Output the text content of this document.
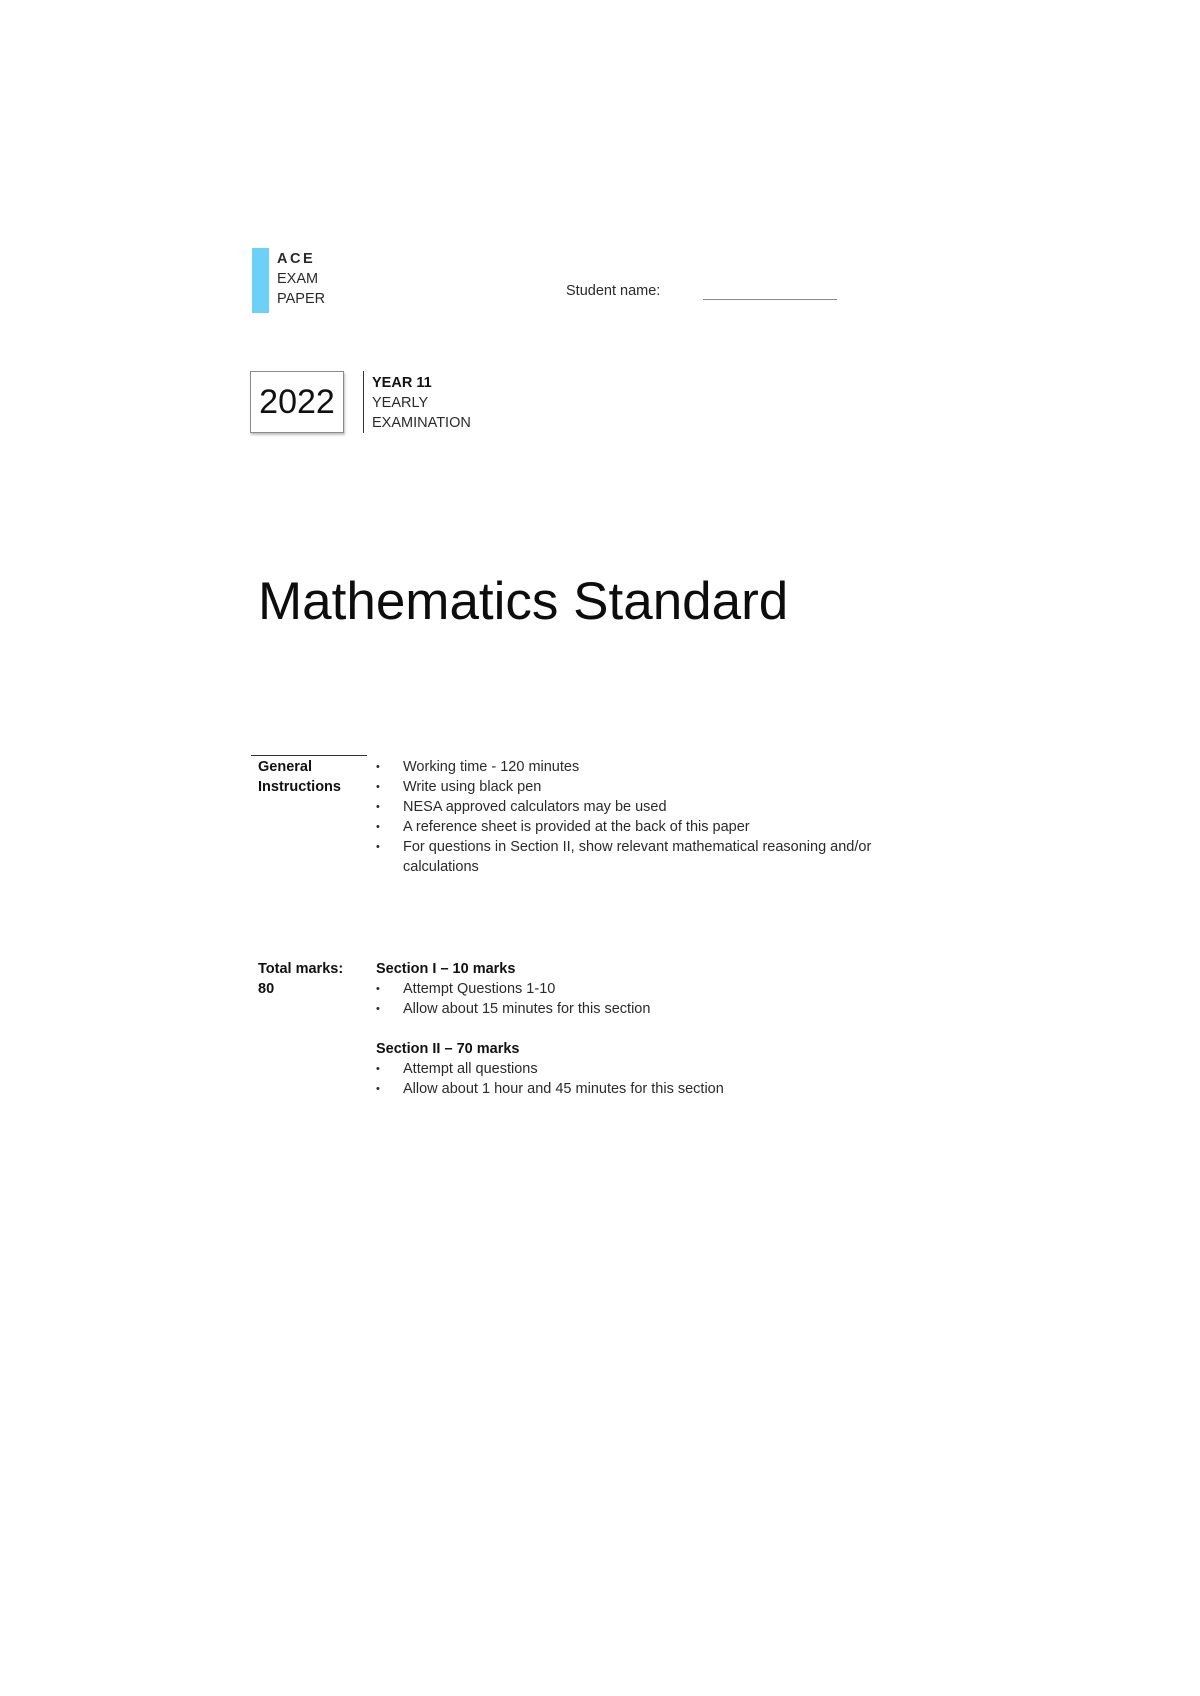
ACE
EXAM
PAPER	Student name:
2022	YEAR 11
YEARLY
EXAMINATION
Mathematics Standard
General
Instructions
• Working time - 120 minutes
• Write using black pen
• NESA approved calculators may be used
• A reference sheet is provided at the back of this paper
• For questions in Section II, show relevant mathematical reasoning and/or calculations
Total marks:
80
Section I – 10 marks
• Attempt Questions 1-10
• Allow about 15 minutes for this section
Section II – 70 marks
• Attempt all questions
• Allow about 1 hour and 45 minutes for this section
